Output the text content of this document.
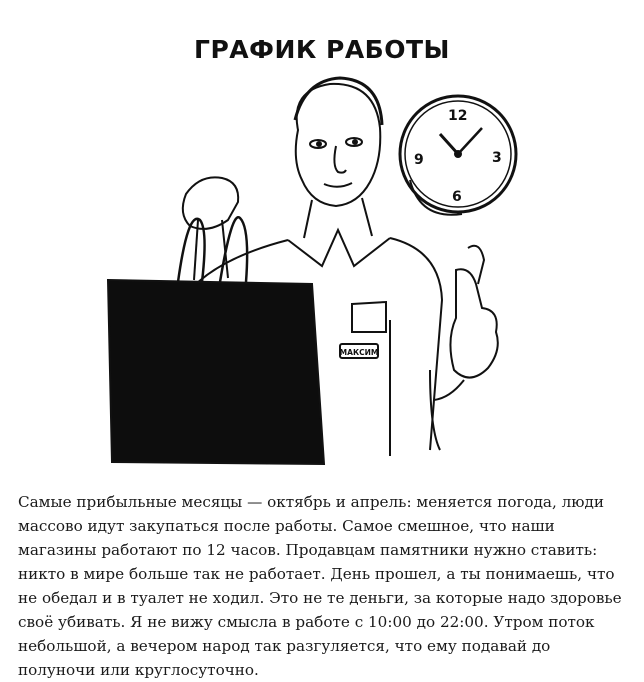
ГРАФИК РАБОТЫ
12
3
6
9
МАКСИМ

Самые прибыльные месяцы — октябрь и апрель: меняется погода, люди массово идут закупаться после работы. Самое смешное, что наши магазины работают по 12 часов. Продавцам памятники нужно ставить: никто в мире больше так не работает. День прошел, а ты понимаешь, что не обедал и в туалет не ходил. Это не те деньги, за которые надо здоровье своё убивать. Я не вижу смысла в работе с 10:00 до 22:00. Утром поток небольшой, а вечером народ так разгуляется, что ему подавай до полуночи или круглосуточно.
